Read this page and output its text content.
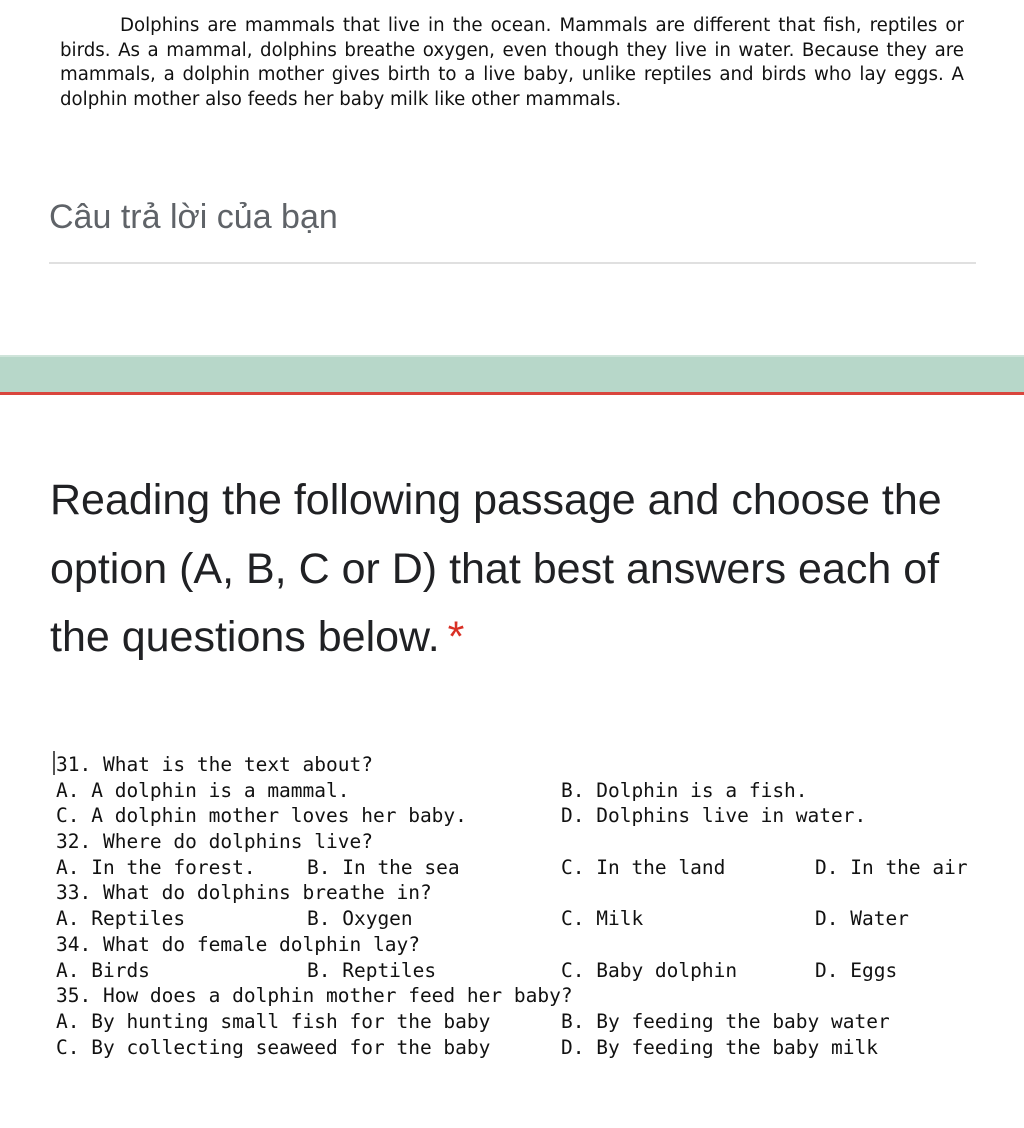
Dolphins are mammals that live in the ocean. Mammals are different that fish, reptiles or birds. As a mammal, dolphins breathe oxygen, even though they live in water. Because they are mammals, a dolphin mother gives birth to a live baby, unlike reptiles and birds who lay eggs. A dolphin mother also feeds her baby milk like other mammals.

Câu trả lời của bạn
Reading the following passage and choose the option (A, B, C or D) that best answers each of the questions below. *
31. What is the text about?
A. A dolphin is a mammal.	B. Dolphin is a fish.
C. A dolphin mother loves her baby.	D. Dolphins live in water.
32. Where do dolphins live?
A. In the forest.	B. In the sea	C. In the land	D. In the air
33. What do dolphins breathe in?
A. Reptiles	B. Oxygen	C. Milk	D. Water
34. What do female dolphin lay?
A. Birds	B. Reptiles	C. Baby dolphin	D. Eggs
35. How does a dolphin mother feed her baby?
A. By hunting small fish for the baby	B. By feeding the baby water
C. By collecting seaweed for the baby	D. By feeding the baby milk
